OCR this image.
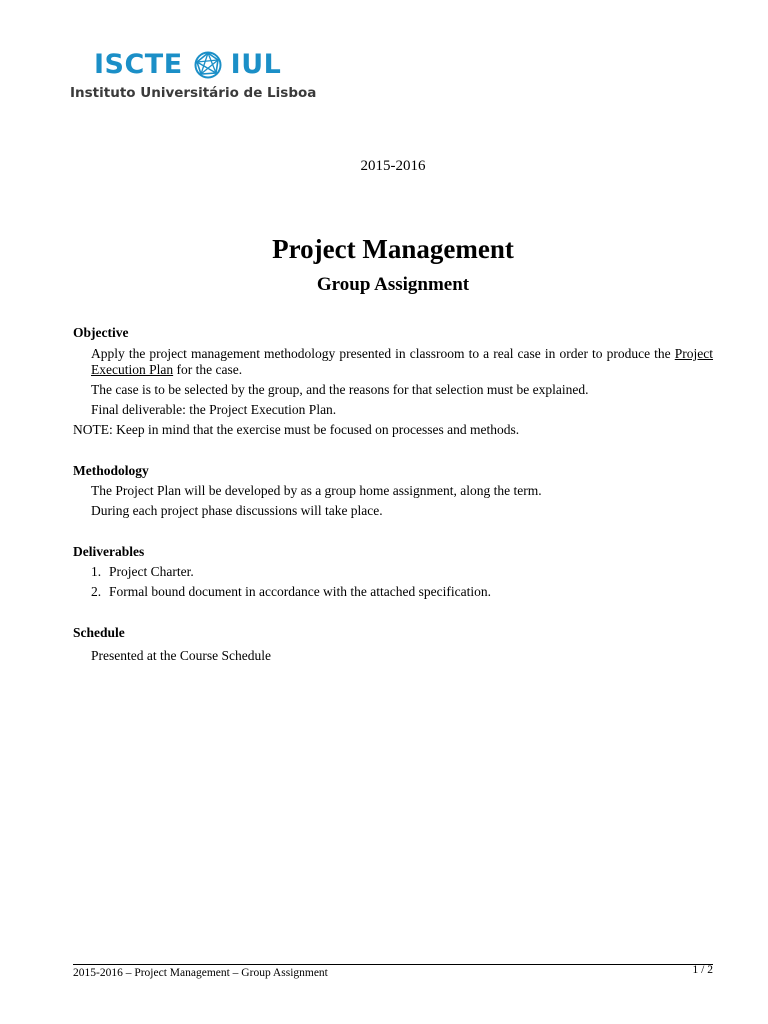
ISCTE IUL
Instituto Universitário de Lisboa
2015-2016
Project Management
Group Assignment
Objective
Apply the project management methodology presented in classroom to a real case in order to produce the Project Execution Plan for the case.
The case is to be selected by the group, and the reasons for that selection must be explained.
Final deliverable: the Project Execution Plan.
NOTE: Keep in mind that the exercise must be focused on processes and methods.
Methodology
The Project Plan will be developed by as a group home assignment, along the term.
During each project phase discussions will take place.
Deliverables
1. Project Charter.
2. Formal bound document in accordance with the attached specification.
Schedule
Presented at the Course Schedule
2015-2016 – Project Management – Group Assignment	1 / 2
